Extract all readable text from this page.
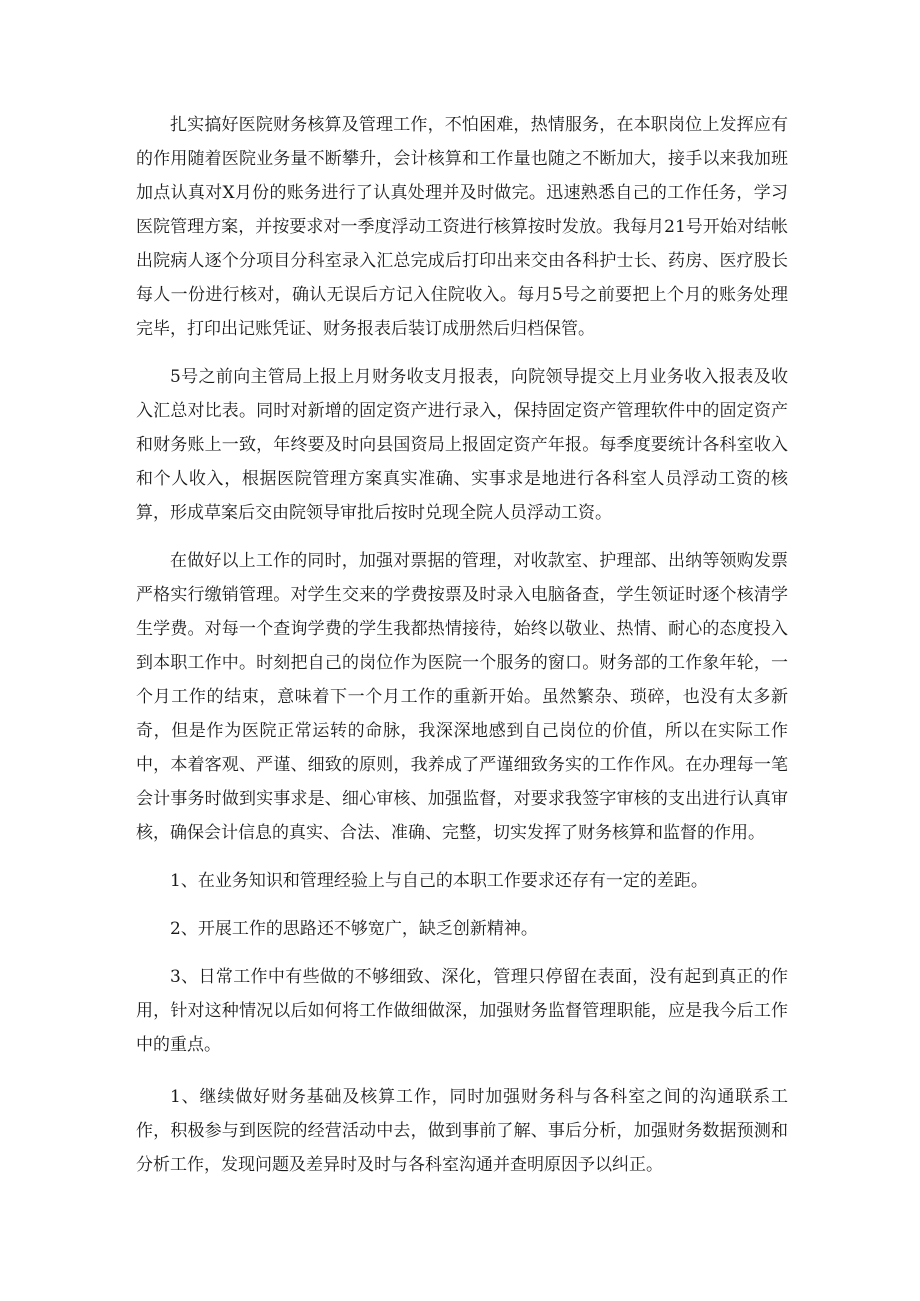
扎实搞好医院财务核算及管理工作，不怕困难，热情服务，在本职岗位上发挥应有的作用随着医院业务量不断攀升，会计核算和工作量也随之不断加大，接手以来我加班加点认真对X月份的账务进行了认真处理并及时做完。迅速熟悉自己的工作任务，学习医院管理方案，并按要求对一季度浮动工资进行核算按时发放。我每月21号开始对结帐出院病人逐个分项目分科室录入汇总完成后打印出来交由各科护士长、药房、医疗股长每人一份进行核对，确认无误后方记入住院收入。每月5号之前要把上个月的账务处理完毕，打印出记账凭证、财务报表后装订成册然后归档保管。

5号之前向主管局上报上月财务收支月报表，向院领导提交上月业务收入报表及收入汇总对比表。同时对新增的固定资产进行录入，保持固定资产管理软件中的固定资产和财务账上一致，年终要及时向县国资局上报固定资产年报。每季度要统计各科室收入和个人收入，根据医院管理方案真实准确、实事求是地进行各科室人员浮动工资的核算，形成草案后交由院领导审批后按时兑现全院人员浮动工资。

在做好以上工作的同时，加强对票据的管理，对收款室、护理部、出纳等领购发票严格实行缴销管理。对学生交来的学费按票及时录入电脑备查，学生领证时逐个核清学生学费。对每一个查询学费的学生我都热情接待，始终以敬业、热情、耐心的态度投入到本职工作中。时刻把自己的岗位作为医院一个服务的窗口。财务部的工作象年轮，一个月工作的结束，意味着下一个月工作的重新开始。虽然繁杂、琐碎，也没有太多新奇，但是作为医院正常运转的命脉，我深深地感到自己岗位的价值，所以在实际工作中，本着客观、严谨、细致的原则，我养成了严谨细致务实的工作作风。在办理每一笔会计事务时做到实事求是、细心审核、加强监督，对要求我签字审核的支出进行认真审核，确保会计信息的真实、合法、准确、完整，切实发挥了财务核算和监督的作用。

1、在业务知识和管理经验上与自己的本职工作要求还存有一定的差距。

2、开展工作的思路还不够宽广，缺乏创新精神。

3、日常工作中有些做的不够细致、深化，管理只停留在表面，没有起到真正的作用，针对这种情况以后如何将工作做细做深，加强财务监督管理职能，应是我今后工作中的重点。

1、继续做好财务基础及核算工作，同时加强财务科与各科室之间的沟通联系工作，积极参与到医院的经营活动中去，做到事前了解、事后分析，加强财务数据预测和分析工作，发现问题及差异时及时与各科室沟通并查明原因予以纠正。
